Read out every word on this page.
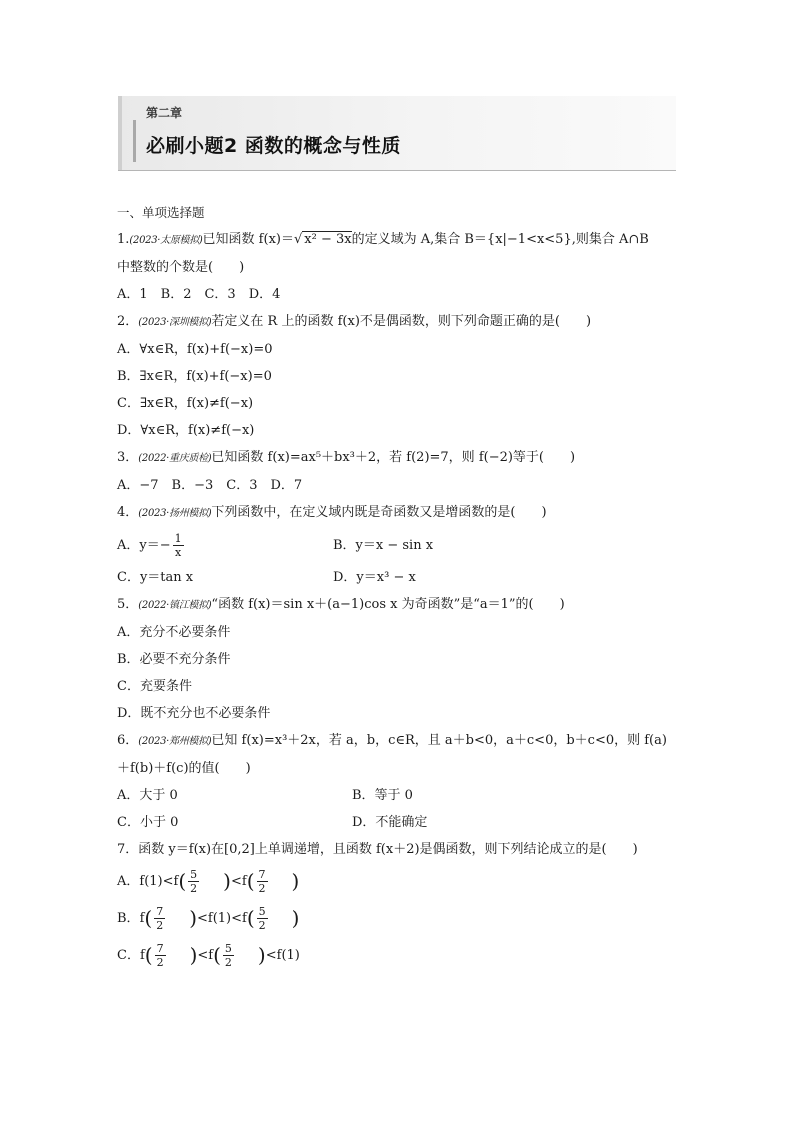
第二章
必刷小题2 函数的概念与性质
一、单项选择题
1.(2023·太原模拟)已知函数 f(x)＝√ x² − 3x的定义域为 A,集合 B＝{x|−1<x<5},则集合 A∩B
中整数的个数是(　　)
A．1　B．2　C．3　D．4
2．(2023·深圳模拟)若定义在 R 上的函数 f(x)不是偶函数，则下列命题正确的是(　　)
A．∀x∈R，f(x)+f(−x)=0
B．∃x∈R，f(x)+f(−x)=0
C．∃x∈R，f(x)≠f(−x)
D．∀x∈R，f(x)≠f(−x)
3．(2022·重庆质检)已知函数 f(x)=ax⁵＋bx³＋2，若 f(2)=7，则 f(−2)等于(　　)
A．−7　B．−3　C．3　D．7
4．(2023·扬州模拟)下列函数中，在定义域内既是奇函数又是增函数的是(　　)
A．$y=- \frac{1}{x}$	B．y＝x − sin x
C．y＝tan x	D．y＝x³ − x
5．(2022·镇江模拟)“函数 f(x)＝sin x＋(a−1)cos x 为奇函数”是“a＝1”的(　　)
A．充分不必要条件
B．必要不充分条件
C．充要条件
D．既不充分也不必要条件
6．(2023·郑州模拟)已知 f(x)=x³＋2x，若 a，b，c∈R，且 a＋b<0，a＋c<0，b＋c<0，则 f(a)
＋f(b)＋f(c)的值(　　)
A．大于 0	B．等于 0
C．小于 0	D．不能确定
7．函数 y＝f(x)在[0,2]上单调递增，且函数 f(x＋2)是偶函数，则下列结论成立的是(　　)
A．$f(1)<f( \frac{5}{2} )<f( \frac{7}{2}$ )
B．$f( \frac{7}{2} )<f(1)<f( \frac{5}{2}$ )
C．$f( \frac{7}{2} )<f( \frac{5}{2} )<f(1)$
